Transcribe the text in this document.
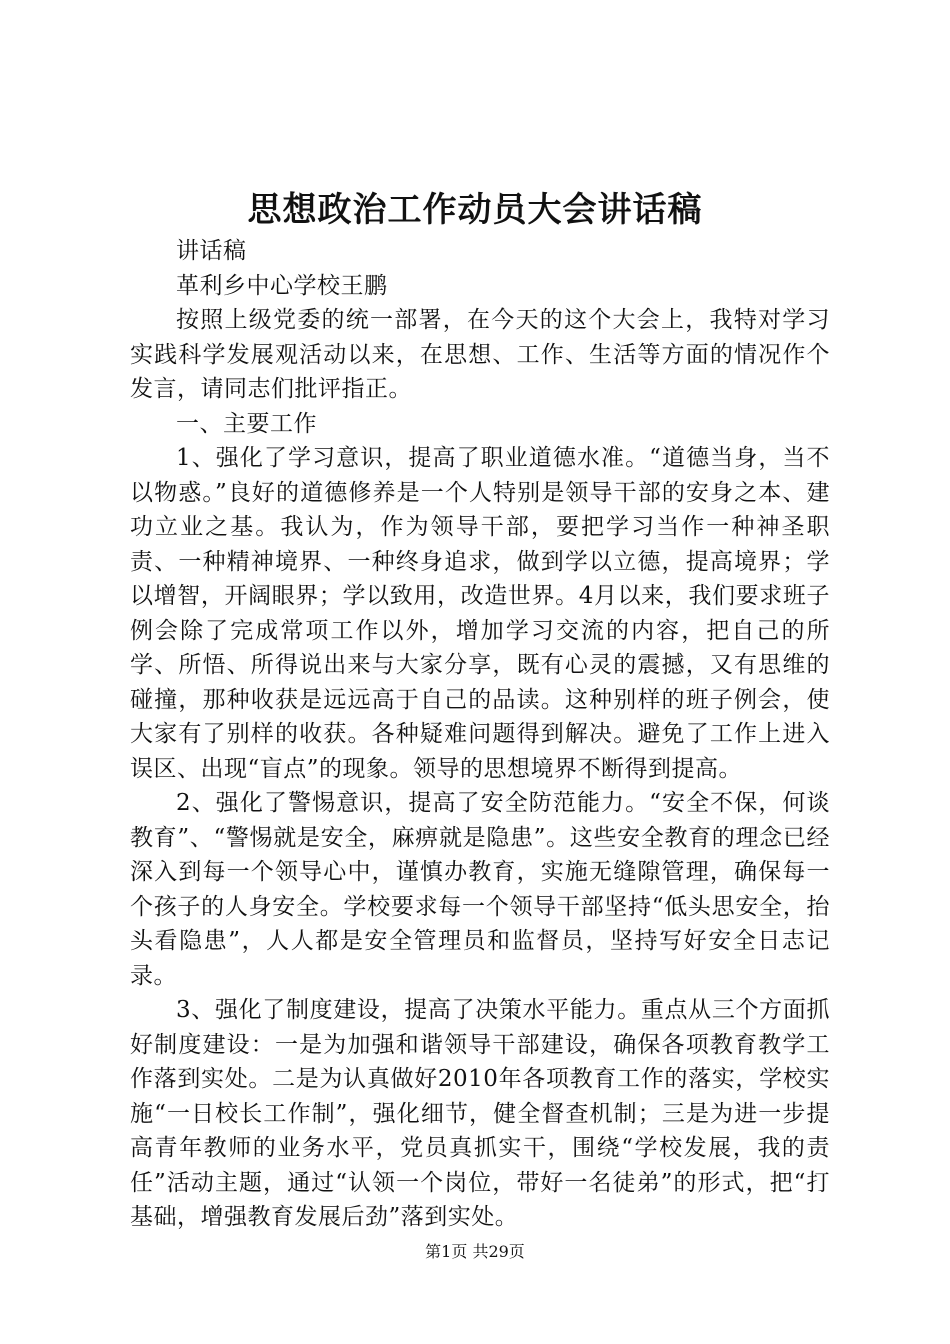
思想政治工作动员大会讲话稿

讲话稿

革利乡中心学校王鹏

按照上级党委的统一部署，在今天的这个大会上，我特对学习实践科学发展观活动以来，在思想、工作、生活等方面的情况作个发言，请同志们批评指正。

一、主要工作

1、强化了学习意识，提高了职业道德水准。“道德当身，当不以物惑。”良好的道德修养是一个人特别是领导干部的安身之本、建功立业之基。我认为，作为领导干部，要把学习当作一种神圣职责、一种精神境界、一种终身追求，做到学以立德，提高境界；学以增智，开阔眼界；学以致用，改造世界。4月以来，我们要求班子例会除了完成常项工作以外，增加学习交流的内容，把自己的所学、所悟、所得说出来与大家分享，既有心灵的震撼，又有思维的碰撞，那种收获是远远高于自己的品读。这种别样的班子例会，使大家有了别样的收获。各种疑难问题得到解决。避免了工作上进入误区、出现“盲点”的现象。领导的思想境界不断得到提高。

2、强化了警惕意识，提高了安全防范能力。“安全不保，何谈教育”、“警惕就是安全，麻痹就是隐患”。这些安全教育的理念已经深入到每一个领导心中，谨慎办教育，实施无缝隙管理，确保每一个孩子的人身安全。学校要求每一个领导干部坚持“低头思安全，抬头看隐患”，人人都是安全管理员和监督员，坚持写好安全日志记录。

3、强化了制度建设，提高了决策水平能力。重点从三个方面抓好制度建设：一是为加强和谐领导干部建设，确保各项教育教学工作落到实处。二是为认真做好2010年各项教育工作的落实，学校实施“一日校长工作制”，强化细节，健全督查机制；三是为进一步提高青年教师的业务水平，党员真抓实干，围绕“学校发展，我的责任”活动主题，通过“认领一个岗位，带好一名徒弟”的形式，把“打基础，增强教育发展后劲”落到实处。

第1页 共29页
